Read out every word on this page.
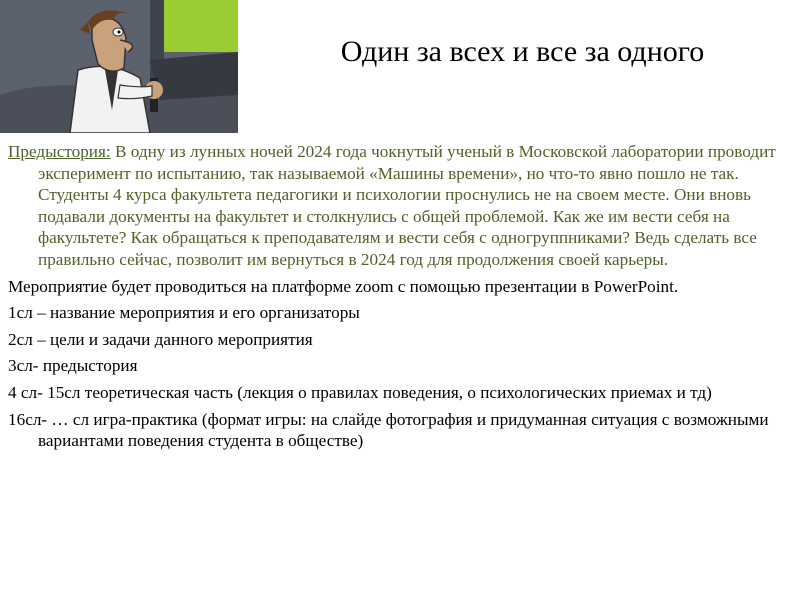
Один за всех и все за одного

Предыстория: В одну из лунных ночей 2024 года чокнутый ученый в Московской лаборатории проводит эксперимент по испытанию, так называемой «Машины времени», но что-то явно пошло не так. Студенты 4 курса факультета педагогики и психологии проснулись не на своем месте. Они вновь подавали документы на факультет и столкнулись с общей проблемой. Как же им вести себя на факультете? Как обращаться к преподавателям и вести себя с одногруппниками? Ведь сделать все правильно сейчас, позволит им вернуться в 2024 год для продолжения своей карьеры.

Мероприятие будет проводиться на платформе zoom с помощью презентации в PowerPoint.

1сл – название мероприятия и его организаторы

2сл – цели и задачи данного мероприятия

3сл- предыстория

4 сл- 15сл теоретическая часть (лекция о правилах поведения, о психологических приемах и тд)

16сл- … сл игра-практика (формат игры: на слайде фотография и придуманная ситуация с возможными вариантами поведения студента в обществе)
